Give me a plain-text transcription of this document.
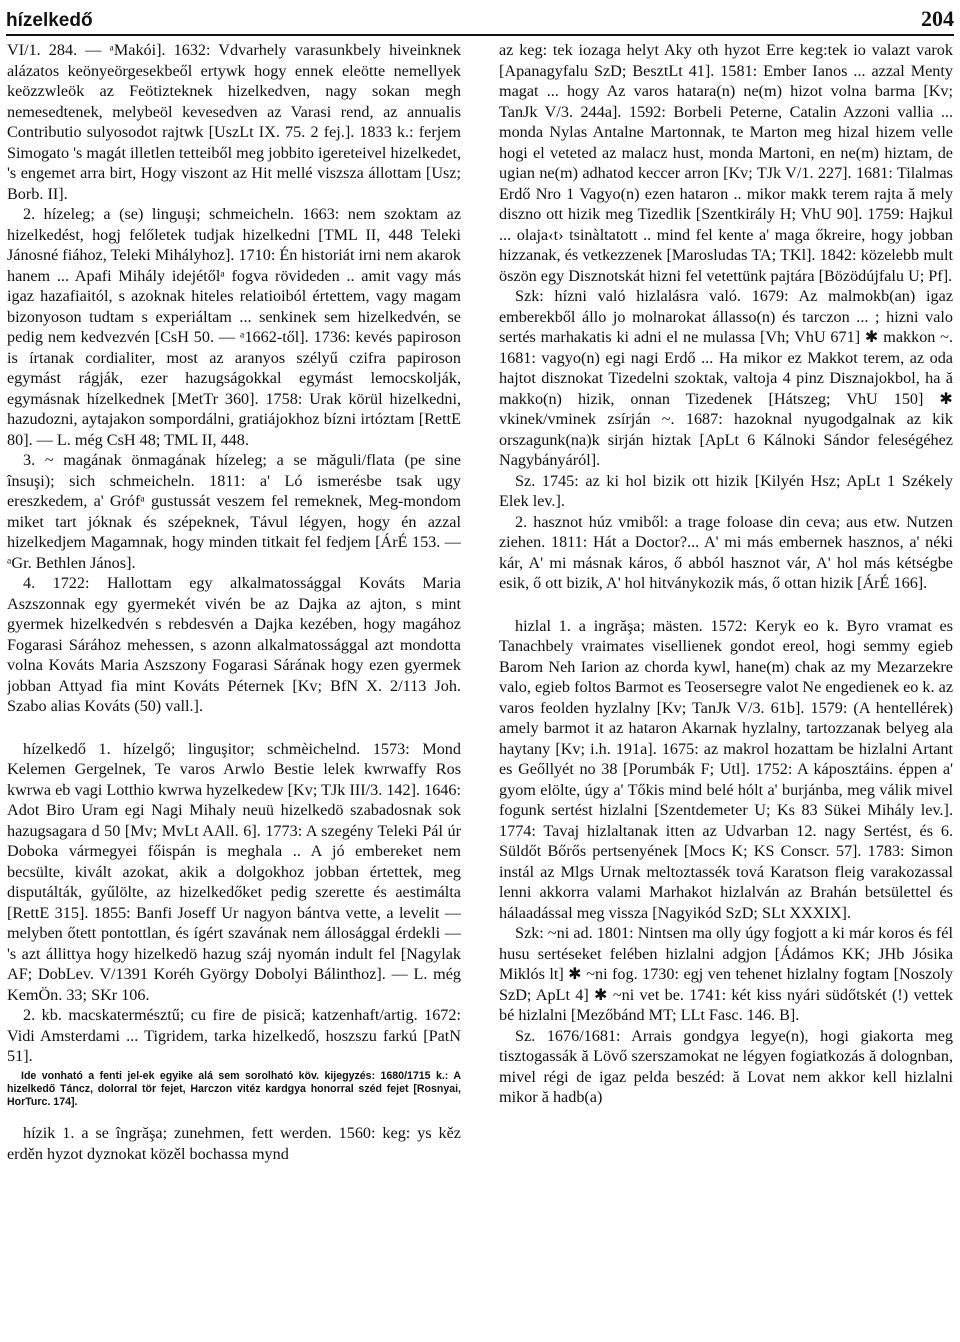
hízelkedő	204

VI/1. 284. — ᵃMakói]. 1632: Vdvarhely varasunkbely hiveinknek alázatos keönyeörgesekbeől ertywk hogy ennek eleötte nemellyek keözzwleök az Feötizteknek hizelkedven, nagy sokan megh nemesedtenek, melybeöl kevesedven az Varasi rend, az annualis Contributio sulyosodot rajtwk [UszLt IX. 75. 2 fej.]. 1833 k.: ferjem Simogato 's magát illetlen tetteiből meg jobbito igereteivel hizelkedet, 's engemet arra birt, Hogy viszont az Hit mellé viszsza állottam [Usz; Borb. II].

2. hízeleg; a (se) linguşi; schmeicheln. 1663: nem szoktam az hizelkedést, hogj felőletek tudjak hizelkedni [TML II, 448 Teleki Jánosné fiához, Teleki Mihályhoz]. 1710: Én historiát irni nem akarok hanem ... Apafi Mihály idejétőlᵃ fogva rövideden .. amit vagy más igaz hazafiaitól, s azoknak hiteles relatioiból értettem, vagy magam bizonyoson tudtam s experiáltam ... senkinek sem hizelkedvén, se pedig nem kedvezvén [CsH 50. — ᵃ1662-től]. 1736: kevés papiroson is írtanak cordialiter, most az aranyos szélyű czifra papiroson egymást rágják, ezer hazugságokkal egymást lemocskolják, egymásnak hízelkednek [MetTr 360]. 1758: Urak körül hizelkedni, hazudozni, aytajakon sompordálni, gratiájokhoz bízni irtóztam [RettE 80]. — L. még CsH 48; TML II, 448.

3. ~ magának önmagának hízeleg; a se măguli/flata (pe sine însuşi); sich schmeicheln. 1811: a' Ló ismerésbe tsak ugy ereszkedem, a' Grófᵃ gustussát veszem fel remeknek, Meg-mondom miket tart jóknak és szépeknek, Távul légyen, hogy én azzal hizelkedjem Magamnak, hogy minden titkait fel fedjem [ÁrÉ 153. — ᵃGr. Bethlen János].

4. 1722: Hallottam egy alkalmatossággal Kováts Maria Aszszonnak egy gyermekét vivén be az Dajka az ajton, s mint gyermek hizelkedvén s rebdesvén a Dajka kezében, hogy magához Fogarasi Sárához mehessen, s azonn alkalmatossággal azt mondotta volna Kováts Maria Aszszony Fogarasi Sárának hogy ezen gyermek jobban Attyad fia mint Kováts Péternek [Kv; BfN X. 2/113 Joh. Szabo alias Kováts (50) vall.].

hízelkedő 1. hízelgő; linguşitor; schmèichelnd. 1573: Mond Kelemen Gergelnek, Te varos Arwlo Bestie lelek kwrwaffy Ros kwrwa eb vagi Lotthio kwrwa hyzelkedew [Kv; TJk III/3. 142]. 1646: Adot Biro Uram egi Nagi Mihaly neuü hizelkedö szabadosnak sok hazugsagara d 50 [Mv; MvLt AAll. 6]. 1773: A szegény Teleki Pál úr Doboka vármegyei főispán is meghala .. A jó embereket nem becsülte, kivált azokat, akik a dolgokhoz jobban értettek, meg disputálták, gyűlölte, az hizelkedőket pedig szerette és aestimálta [RettE 315]. 1855: Banfi Joseff Ur nagyon bántva vette, a levelit — melyben őtett pontottlan, és ígért szavának nem állosággal érdekli — 's azt állittya hogy hizelkedö hazug száj nyomán indult fel [Nagylak AF; DobLev. V/1391 Koréh György Dobolyi Bálinthoz]. — L. még KemÖn. 33; SKr 106.

2. kb. macskatermésztű; cu fire de pisică; katzenhaft/artig. 1672: Vidi Amsterdami ... Tigridem, tarka hizelkedő, hoszszu farkú [PatN 51].

Ide vonható a fenti jel-ek egyike alá sem sorolható köv. kijegyzés: 1680/1715 k.: A hizelkedő Táncz, dolorral tör fejet, Harczon vitéz kardgya honorral széd fejet [Rosnyai, HorTurc. 174].

hízik 1. a se îngrăşa; zunehmen, fett werden. 1560: keg: ys kěz erděn hyzot dyznokat közěl bochassa mynd

az keg: tek iozaga helyt Aky oth hyzot Erre keg:tek io valazt varok [Apanagyfalu SzD; BesztLt 41]. 1581: Ember Ianos ... azzal Menty magat ... hogy Az varos hatara(n) ne(m) hizot volna barma [Kv; TanJk V/3. 244a]. 1592: Borbeli Peterne, Catalin Azzoni vallia ... monda Nylas Antalne Martonnak, te Marton meg hizal hizem velle hogi el veteted az malacz hust, monda Martoni, en ne(m) hiztam, de ugian ne(m) adhatod keccer arron [Kv; TJk V/1. 227]. 1681: Tilalmas Erdő Nro 1 Vagyo(n) ezen hataron .. mikor makk terem rajta ă mely diszno ott hizik meg Tizedlik [Szentkirály H; VhU 90]. 1759: Hajkul ... olaja‹t› tsinàltatott .. mind fel kente a' maga őkreire, hogy jobban hizzanak, és vetkezzenek [Marosludas TA; TKl]. 1842: közelebb mult öszön egy Disznotskát hizni fel vetettünk pajtára [Bözödújfalu U; Pf].

Szk: hízni való hizlalásra való. 1679: Az malmokb(an) igaz emberekből állo jo molnarokat állasso(n) és tarczon ... ; hizni valo sertés marhakatis ki adni el ne mulassa [Vh; VhU 671] ✱ makkon ~. 1681: vagyo(n) egi nagi Erdő ... Ha mikor ez Makkot terem, az oda hajtot disznokat Tizedelni szoktak, valtoja 4 pinz Disznajokbol, ha ă makko(n) hizik, onnan Tizedenek [Hátszeg; VhU 150] ✱ vkinek/vminek zsírján ~. 1687: hazoknal nyugodgalnak az kik orszagunk(na)k sirján hiztak [ApLt 6 Kálnoki Sándor feleségéhez Nagybányáról].

Sz. 1745: az ki hol bizik ott hizik [Kilyén Hsz; ApLt 1 Székely Elek lev.].

2. hasznot húz vmiből: a trage foloase din ceva; aus etw. Nutzen ziehen. 1811: Hát a Doctor?... A' mi más embernek hasznos, a' néki kár, A' mi másnak káros, ő abból hasznot vár, A' hol más kétségbe esik, ő ott bizik, A' hol hitványkozik más, ő ottan hizik [ÁrÉ 166].

hizlal 1. a ingrăşa; mästen. 1572: Keryk eo k. Byro vramat es Tanachbely vraimates visellienek gondot ereol, hogi semmy egieb Barom Neh Iarion az chorda kywl, hane(m) chak az my Mezarzekre valo, egieb foltos Barmot es Teosersegre valot Ne engedienek eo k. az varos feolden hyzlalny [Kv; TanJk V/3. 61b]. 1579: (A hentellérek) amely barmot it az hataron Akarnak hyzlalny, tartozzanak belyeg ala haytany [Kv; i.h. 191a]. 1675: az makrol hozattam be hizlalni Artant es Geőllyét no 38 [Porumbák F; Utl]. 1752: A káposztáins. éppen a' gyom elölte, úgy a' Tőkis mind belé hólt a' burjánba, meg válik mivel fogunk sertést hizlalni [Szentdemeter U; Ks 83 Sükei Mihály lev.]. 1774: Tavaj hizlaltanak itten az Udvarban 12. nagy Sertést, és 6. Süldőt Bőrős pertsenyének [Mocs K; KS Conscr. 57]. 1783: Simon instál az Mlgs Urnak meltoztassék tová Karatson fleig varakozassal lenni akkorra valami Marhakot hizlalván az Brahán betsülettel és hálaadással meg vissza [Nagyikód SzD; SLt XXXIX].

Szk: ~ni ad. 1801: Nintsen ma olly úgy fogjott a ki már koros és fél husu sertéseket felében hizlalni adgjon [Ádámos KK; JHb Jósika Miklós lt] ✱ ~ni fog. 1730: egj ven tehenet hizlalny fogtam [Noszoly SzD; ApLt 4] ✱ ~ni vet be. 1741: két kiss nyári südőtskét (!) vettek bé hizlalni [Mezőbánd MT; LLt Fasc. 146. B].

Sz. 1676/1681: Arrais gondgya legye(n), hogi giakorta meg tisztogassák ă Lövő szerszamokat ne légyen fogiatkozás ă dolognban, mivel régi de igaz peldа beszéd: ă Lovat nem akkor kell hizlalni mikor ă hadb(a)
